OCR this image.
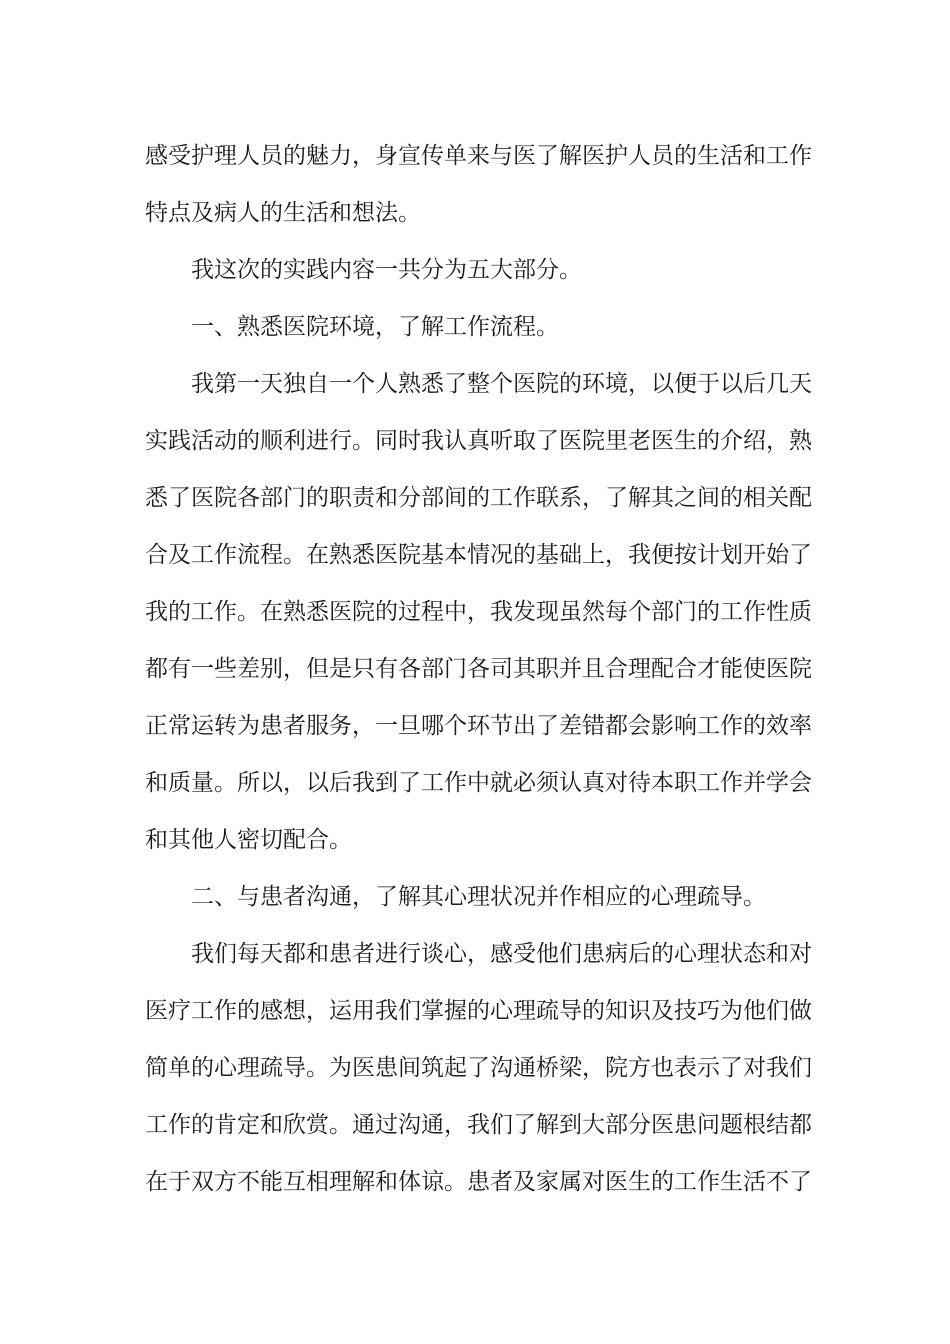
感受护理人员的魅力，身宣传单来与医了解医护人员的生活和工作
特点及病人的生活和想法。
我这次的实践内容一共分为五大部分。
一、熟悉医院环境，了解工作流程。
我第一天独自一个人熟悉了整个医院的环境，以便于以后几天
实践活动的顺利进行。同时我认真听取了医院里老医生的介绍，熟
悉了医院各部门的职责和分部间的工作联系，了解其之间的相关配
合及工作流程。在熟悉医院基本情况的基础上，我便按计划开始了
我的工作。在熟悉医院的过程中，我发现虽然每个部门的工作性质
都有一些差别，但是只有各部门各司其职并且合理配合才能使医院
正常运转为患者服务，一旦哪个环节出了差错都会影响工作的效率
和质量。所以，以后我到了工作中就必须认真对待本职工作并学会
和其他人密切配合。
二、与患者沟通，了解其心理状况并作相应的心理疏导。
我们每天都和患者进行谈心，感受他们患病后的心理状态和对
医疗工作的感想，运用我们掌握的心理疏导的知识及技巧为他们做
简单的心理疏导。为医患间筑起了沟通桥梁，院方也表示了对我们
工作的肯定和欣赏。通过沟通，我们了解到大部分医患问题根结都
在于双方不能互相理解和体谅。患者及家属对医生的工作生活不了
